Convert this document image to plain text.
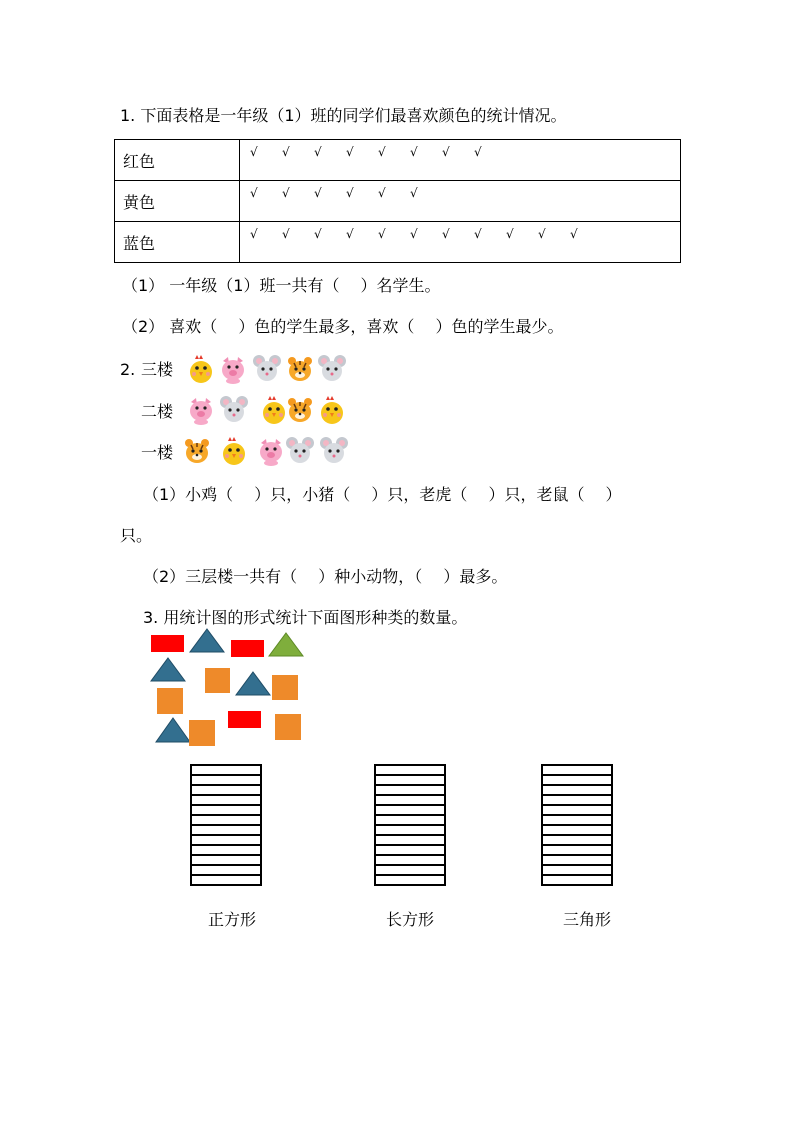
1. 下面表格是一年级（1）班的同学们最喜欢颜色的统计情况。
红色	√ √ √ √ √ √ √ √
黄色	√ √ √ √ √ √
蓝色	√ √ √ √ √ √ √ √ √ √ √
（1） 一年级（1）班一共有（　 ）名学生。
（2） 喜欢（　 ）色的学生最多，喜欢（　 ）色的学生最少。
2. 三楼
二楼
一楼
（1）小鸡（　 ）只，小猪（　 ）只，老虎（　 ）只，老鼠（　 ）
只。
（2）三层楼一共有（　 ）种小动物，（　 ）最多。
3. 用统计图的形式统计下面图形种类的数量。
正方形	长方形	三角形
